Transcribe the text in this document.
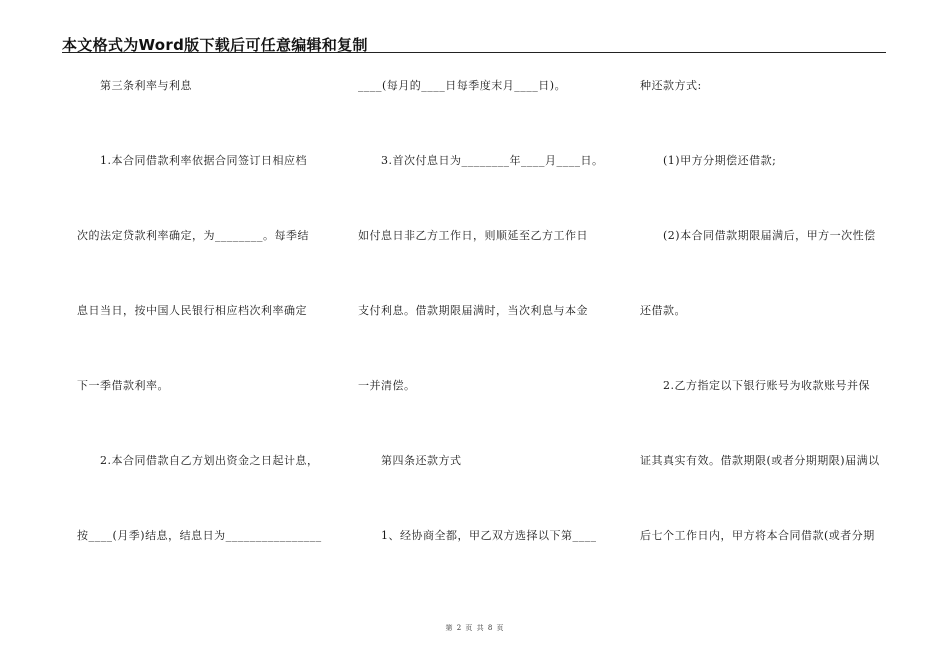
本文格式为Word版下载后可任意编辑和复制
第三条利率与利息
1.本合同借款利率依据合同签订日相应档
次的法定贷款利率确定，为________。每季结
息日当日，按中国人民银行相应档次利率确定
下一季借款利率。
2.本合同借款自乙方划出资金之日起计息，
按____(月季)结息，结息日为________________
____(每月的____日每季度末月____日)。
3.首次付息日为________年____月____日。
如付息日非乙方工作日，则顺延至乙方工作日
支付利息。借款期限届满时，当次利息与本金
一并清偿。
第四条还款方式
1、经协商全都，甲乙双方选择以下第____
种还款方式:
(1)甲方分期偿还借款;
(2)本合同借款期限届满后，甲方一次性偿
还借款。
2.乙方指定以下银行账号为收款账号并保
证其真实有效。借款期限(或者分期期限)届满以
后七个工作日内，甲方将本合同借款(或者分期
第 2 页 共 8 页
